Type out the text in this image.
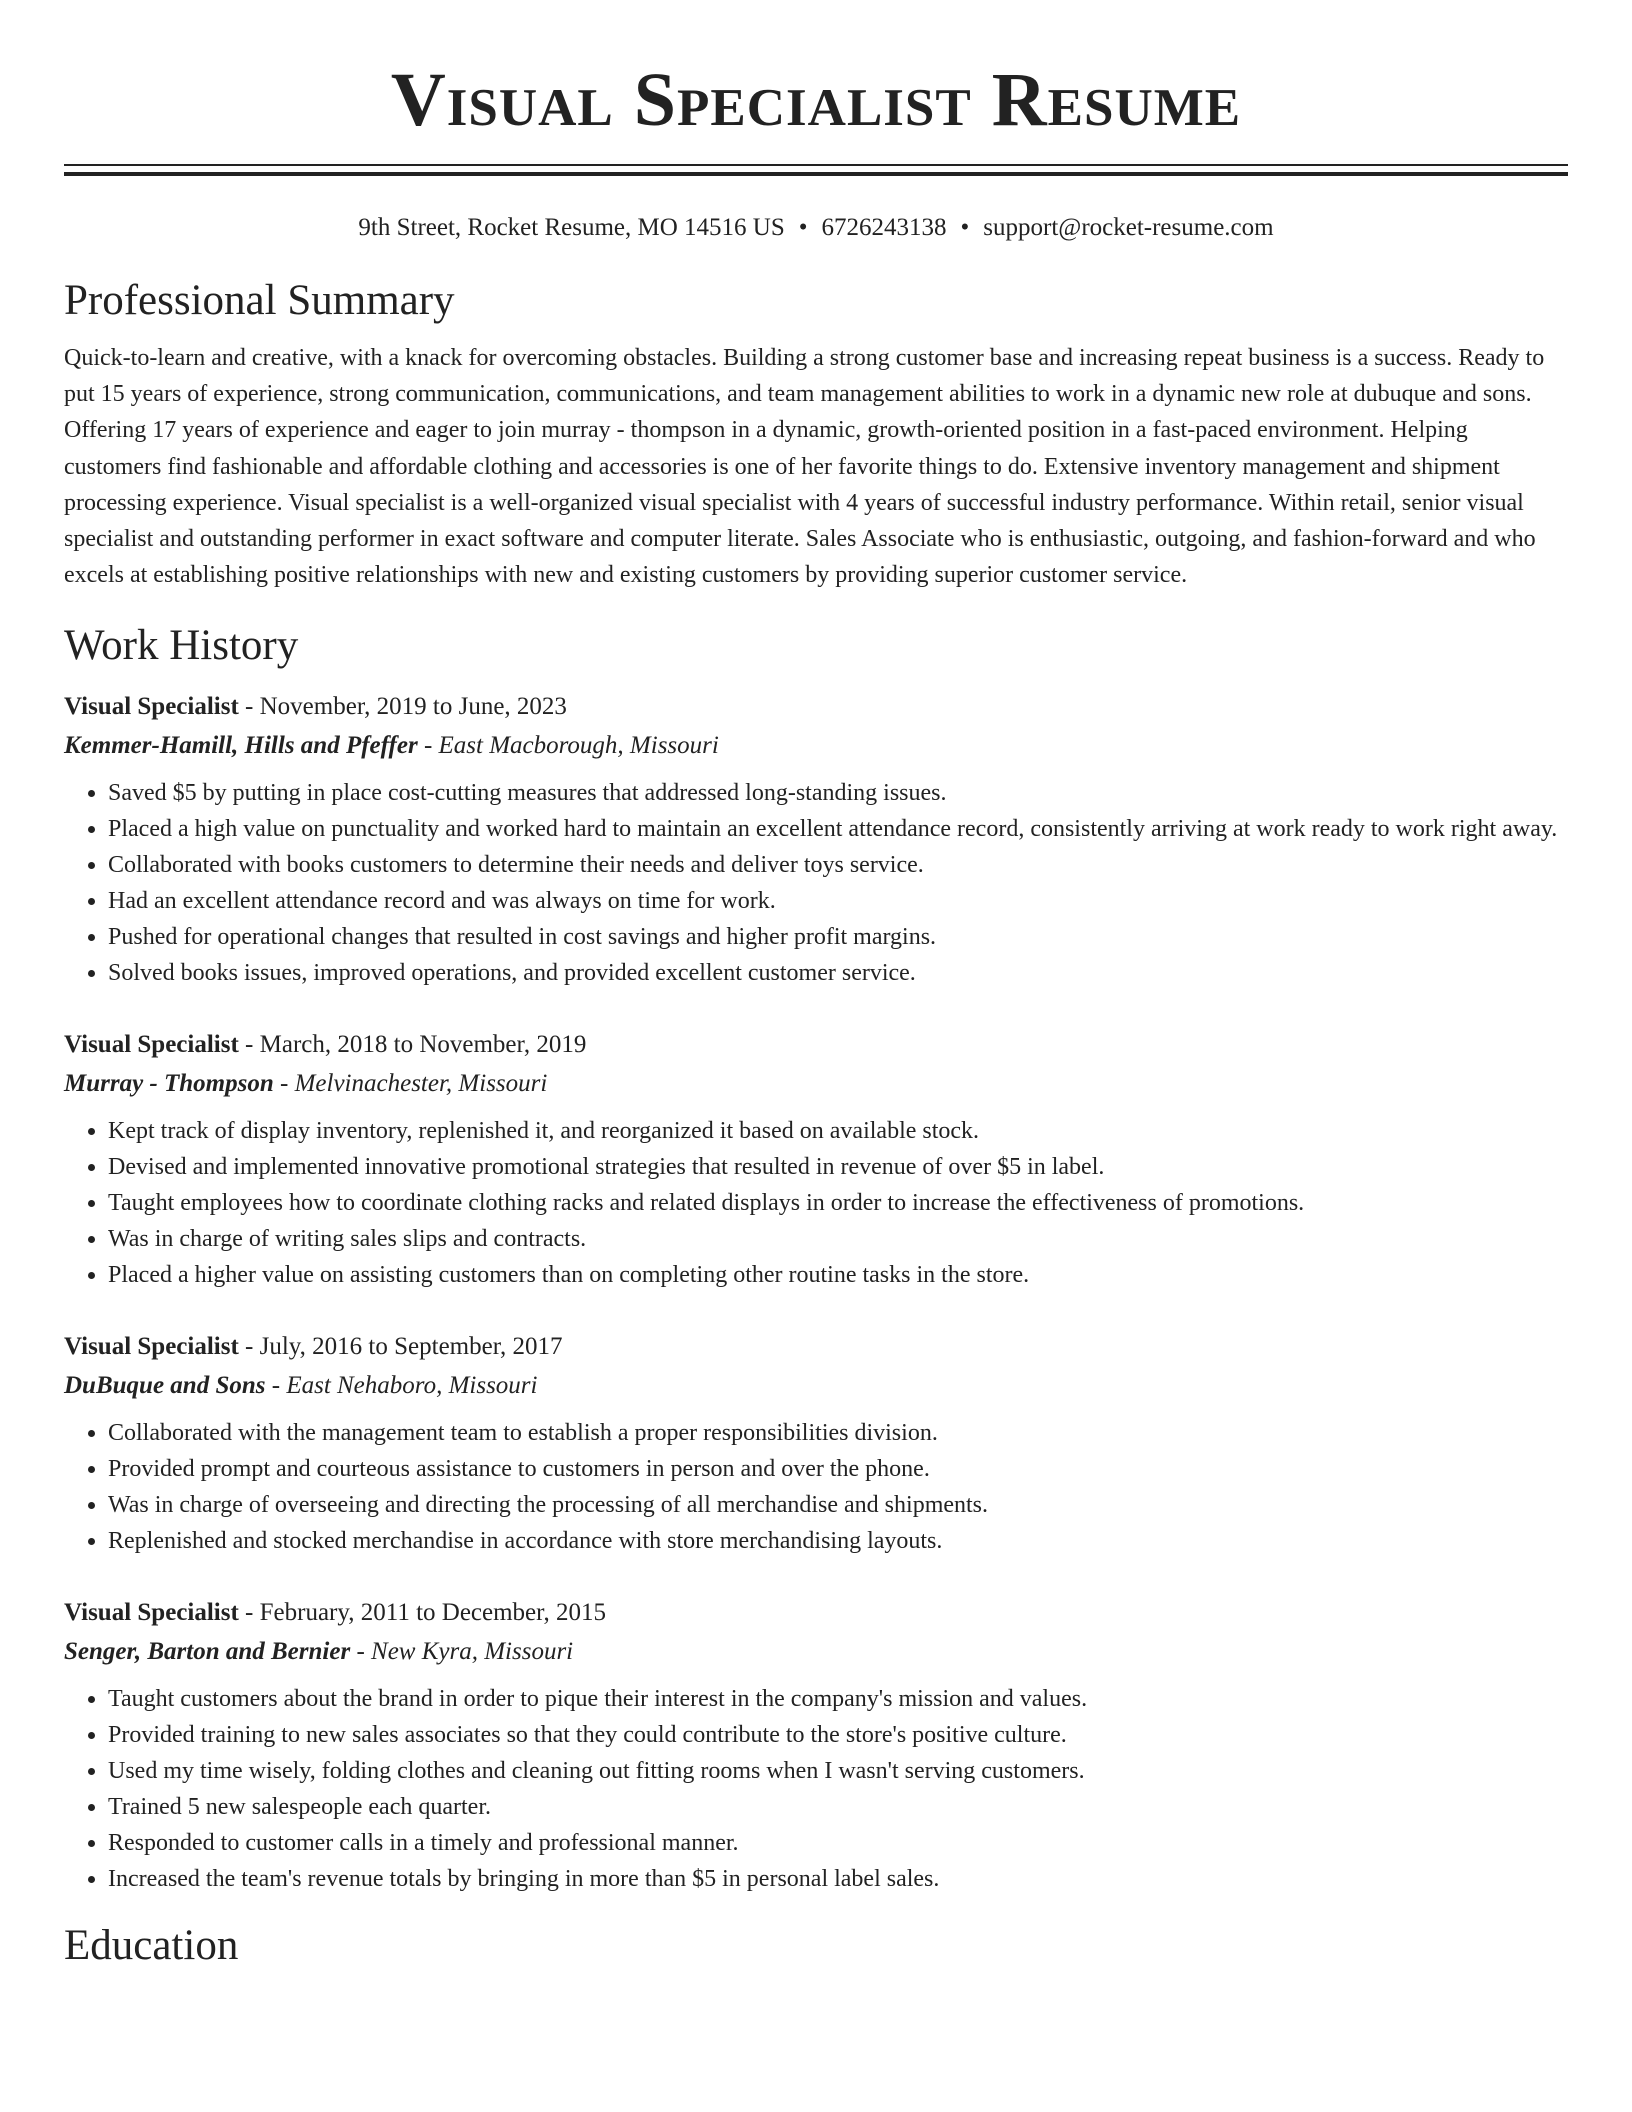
Visual Specialist Resume
9th Street, Rocket Resume, MO 14516 US • 6726243138 • support@rocket-resume.com
Professional Summary

Quick-to-learn and creative, with a knack for overcoming obstacles. Building a strong customer base and increasing repeat business is a success. Ready to put 15 years of experience, strong communication, communications, and team management abilities to work in a dynamic new role at dubuque and sons. Offering 17 years of experience and eager to join murray - thompson in a dynamic, growth-oriented position in a fast-paced environment. Helping customers find fashionable and affordable clothing and accessories is one of her favorite things to do. Extensive inventory management and shipment processing experience. Visual specialist is a well-organized visual specialist with 4 years of successful industry performance. Within retail, senior visual specialist and outstanding performer in exact software and computer literate. Sales Associate who is enthusiastic, outgoing, and fashion-forward and who excels at establishing positive relationships with new and existing customers by providing superior customer service.

Work History
Visual Specialist - November, 2019 to June, 2023
Kemmer-Hamill, Hills and Pfeffer - East Macborough, Missouri
• Saved $5 by putting in place cost-cutting measures that addressed long-standing issues.
• Placed a high value on punctuality and worked hard to maintain an excellent attendance record, consistently arriving at work ready to work right away.
• Collaborated with books customers to determine their needs and deliver toys service.
• Had an excellent attendance record and was always on time for work.
• Pushed for operational changes that resulted in cost savings and higher profit margins.
• Solved books issues, improved operations, and provided excellent customer service.
Visual Specialist - March, 2018 to November, 2019
Murray - Thompson - Melvinachester, Missouri
• Kept track of display inventory, replenished it, and reorganized it based on available stock.
• Devised and implemented innovative promotional strategies that resulted in revenue of over $5 in label.
• Taught employees how to coordinate clothing racks and related displays in order to increase the effectiveness of promotions.
• Was in charge of writing sales slips and contracts.
• Placed a higher value on assisting customers than on completing other routine tasks in the store.
Visual Specialist - July, 2016 to September, 2017
DuBuque and Sons - East Nehaboro, Missouri
• Collaborated with the management team to establish a proper responsibilities division.
• Provided prompt and courteous assistance to customers in person and over the phone.
• Was in charge of overseeing and directing the processing of all merchandise and shipments.
• Replenished and stocked merchandise in accordance with store merchandising layouts.
Visual Specialist - February, 2011 to December, 2015
Senger, Barton and Bernier - New Kyra, Missouri
• Taught customers about the brand in order to pique their interest in the company's mission and values.
• Provided training to new sales associates so that they could contribute to the store's positive culture.
• Used my time wisely, folding clothes and cleaning out fitting rooms when I wasn't serving customers.
• Trained 5 new salespeople each quarter.
• Responded to customer calls in a timely and professional manner.
• Increased the team's revenue totals by bringing in more than $5 in personal label sales.
Education
